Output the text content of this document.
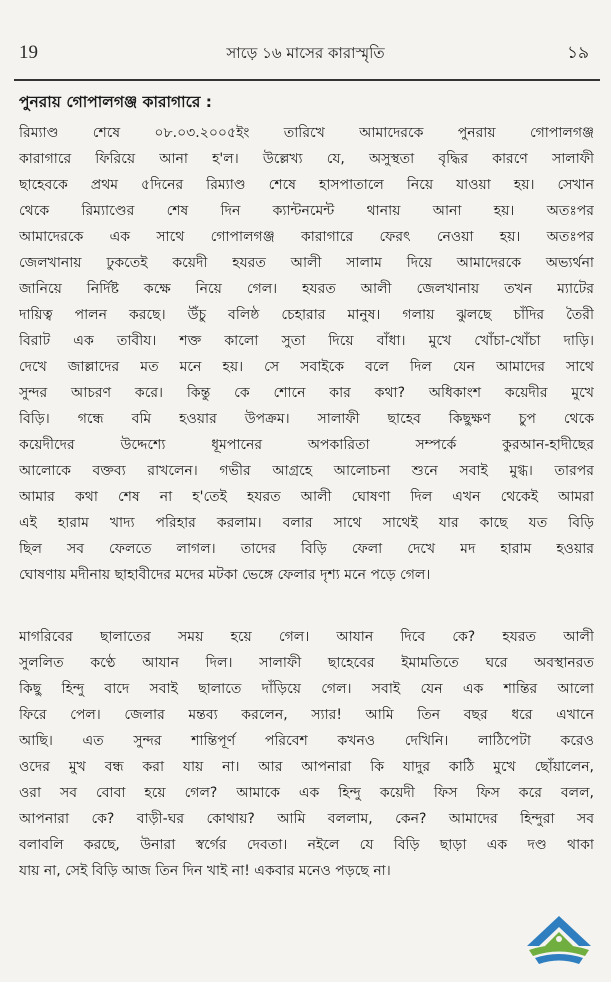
19	সাড়ে ১৬ মাসের কারাস্মৃতি	১৯
পুনরায় গোপালগঞ্জ কারাগারে :
রিম্যাণ্ড শেষে ০৮.০৩.২০০৫ইং তারিখে আমাদেরকে পুনরায় গোপালগঞ্জ
কারাগারে ফিরিয়ে আনা হ'ল। উল্লেখ্য যে, অসুস্থতা বৃদ্ধির কারণে সালাফী
ছাহেবকে প্রথম ৫দিনের রিম্যাণ্ড শেষে হাসপাতালে নিয়ে যাওয়া হয়। সেখান
থেকে রিম্যাণ্ডের শেষ দিন ক্যান্টনমেন্ট থানায় আনা হয়। অতঃপর
আমাদেরকে এক সাথে গোপালগঞ্জ কারাগারে ফেরৎ নেওয়া হয়। অতঃপর
জেলখানায় ঢুকতেই কয়েদী হযরত আলী সালাম দিয়ে আমাদেরকে অভ্যর্থনা
জানিয়ে নির্দিষ্ট কক্ষে নিয়ে গেল। হযরত আলী জেলখানায় তখন ম্যাটের
দায়িত্ব পালন করছে। উঁচু বলিষ্ঠ চেহারার মানুষ। গলায় ঝুলছে চাঁদির তৈরী
বিরাট এক তাবীয। শক্ত কালো সুতা দিয়ে বাঁধা। মুখে খোঁচা-খোঁচা দাড়ি।
দেখে জাল্লাদের মত মনে হয়। সে সবাইকে বলে দিল যেন আমাদের সাথে
সুন্দর আচরণ করে। কিন্তু কে শোনে কার কথা? অধিকাংশ কয়েদীর মুখে
বিড়ি। গন্ধে বমি হওয়ার উপক্রম। সালাফী ছাহেব কিছুক্ষণ চুপ থেকে
কয়েদীদের উদ্দেশ্যে ধূমপানের অপকারিতা সম্পর্কে কুরআন-হাদীছের
আলোকে বক্তব্য রাখলেন। গভীর আগ্রহে আলোচনা শুনে সবাই মুগ্ধ। তারপর
আমার কথা শেষ না হ'তেই হযরত আলী ঘোষণা দিল এখন থেকেই আমরা
এই হারাম খাদ্য পরিহার করলাম। বলার সাথে সাথেই যার কাছে যত বিড়ি
ছিল সব ফেলতে লাগল। তাদের বিড়ি ফেলা দেখে মদ হারাম হওয়ার
ঘোষণায় মদীনায় ছাহাবীদের মদের মটকা ভেঙ্গে ফেলার দৃশ্য মনে পড়ে গেল।
মাগরিবের ছালাতের সময় হয়ে গেল। আযান দিবে কে? হযরত আলী
সুললিত কণ্ঠে আযান দিল। সালাফী ছাহেবের ইমামতিতে ঘরে অবস্থানরত
কিছু হিন্দু বাদে সবাই ছালাতে দাঁড়িয়ে গেল। সবাই যেন এক শান্তির আলো
ফিরে পেল। জেলার মন্তব্য করলেন, স্যার! আমি তিন বছর ধরে এখানে
আছি। এত সুন্দর শান্তিপূর্ণ পরিবেশ কখনও দেখিনি। লাঠিপেটা করেও
ওদের মুখ বন্ধ করা যায় না। আর আপনারা কি যাদুর কাঠি মুখে ছোঁয়ালেন,
ওরা সব বোবা হয়ে গেল? আমাকে এক হিন্দু কয়েদী ফিস ফিস করে বলল,
আপনারা কে? বাড়ী-ঘর কোথায়? আমি বললাম, কেন? আমাদের হিন্দুরা সব
বলাবলি করছে, উনারা স্বর্গের দেবতা। নইলে যে বিড়ি ছাড়া এক দণ্ড থাকা
যায় না, সেই বিড়ি আজ তিন দিন খাই না! একবার মনেও পড়ছে না।
